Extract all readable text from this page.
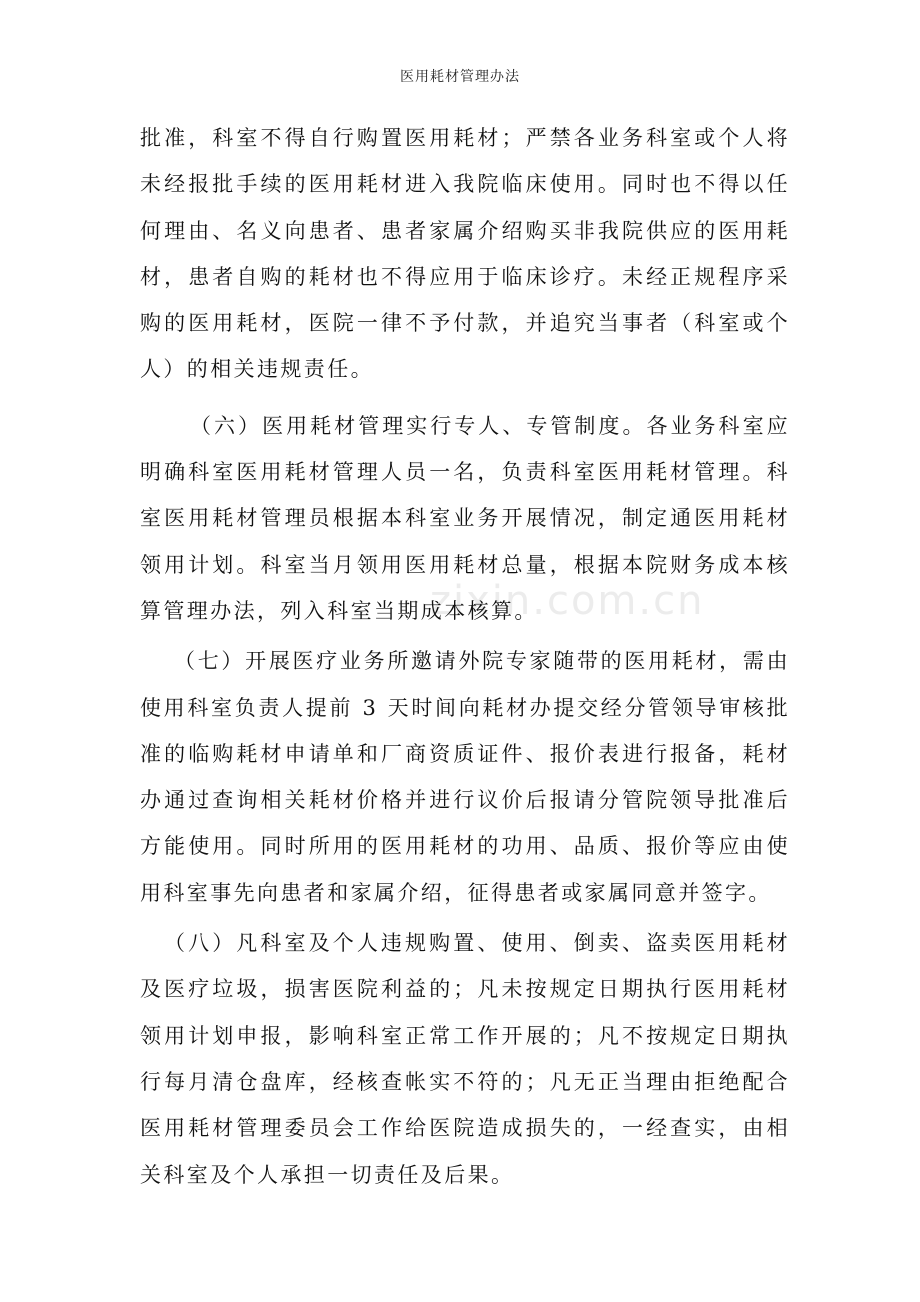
医用耗材管理办法
zixin.com.cn

批准，科室不得自行购置医用耗材；严禁各业务科室或个人将未经报批手续的医用耗材进入我院临床使用。同时也不得以任何理由、名义向患者、患者家属介绍购买非我院供应的医用耗材，患者自购的耗材也不得应用于临床诊疗。未经正规程序采购的医用耗材，医院一律不予付款，并追究当事者（科室或个人）的相关违规责任。

（六）医用耗材管理实行专人、专管制度。各业务科室应明确科室医用耗材管理人员一名，负责科室医用耗材管理。科室医用耗材管理员根据本科室业务开展情况，制定通医用耗材领用计划。科室当月领用医用耗材总量，根据本院财务成本核算管理办法，列入科室当期成本核算。

（七）开展医疗业务所邀请外院专家随带的医用耗材，需由使用科室负责人提前 3 天时间向耗材办提交经分管领导审核批准的临购耗材申请单和厂商资质证件、报价表进行报备，耗材办通过查询相关耗材价格并进行议价后报请分管院领导批准后方能使用。同时所用的医用耗材的功用、品质、报价等应由使用科室事先向患者和家属介绍，征得患者或家属同意并签字。

（八）凡科室及个人违规购置、使用、倒卖、盗卖医用耗材及医疗垃圾，损害医院利益的；凡未按规定日期执行医用耗材领用计划申报，影响科室正常工作开展的；凡不按规定日期执行每月清仓盘库，经核查帐实不符的；凡无正当理由拒绝配合医用耗材管理委员会工作给医院造成损失的，一经查实，由相关科室及个人承担一切责任及后果。
